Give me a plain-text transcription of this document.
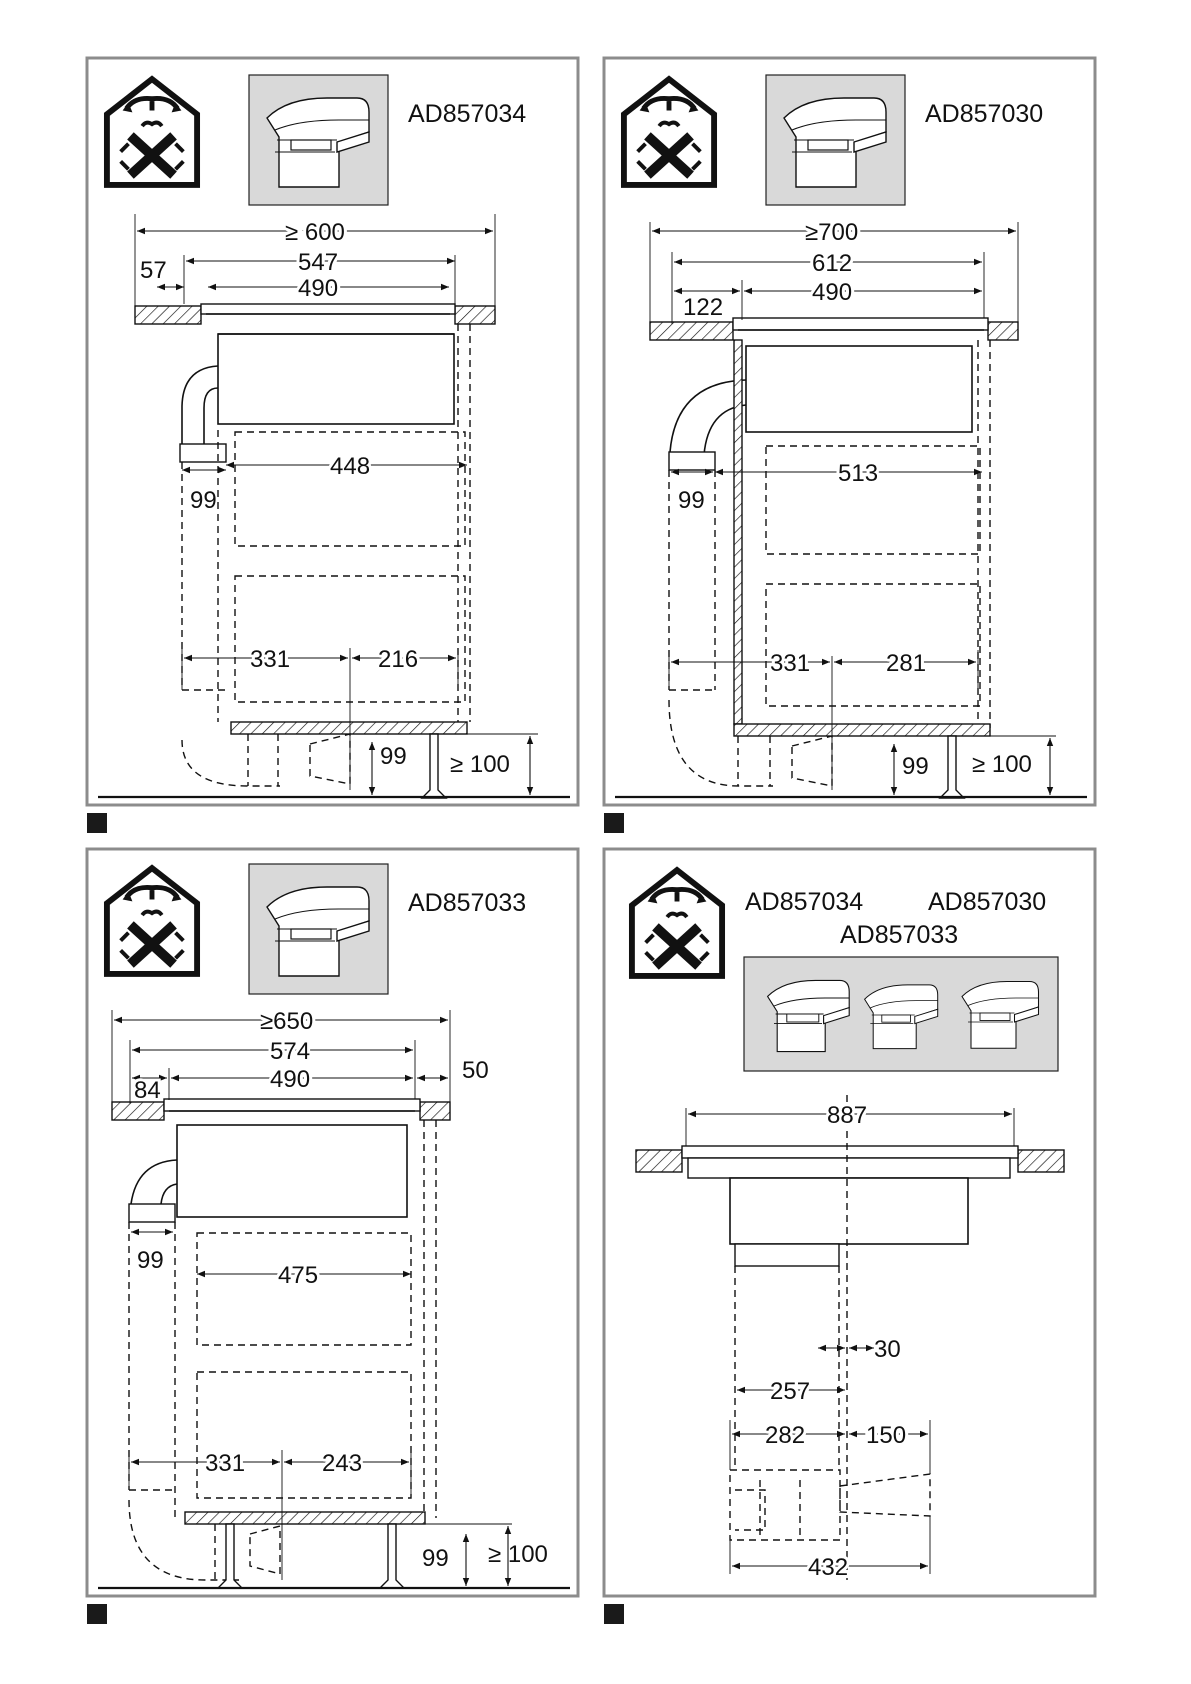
AD857034
≥ 600
547
490
57
99
448
331	216
99 ≥ 100
AD857030
≥700
612
490
122
99
513
331	281
99 ≥ 100
AD857033
≥650
574
490
84
50
99
475
331	243
99 ≥ 100
AD857034	AD857030
AD857033
887
30
257
282	150
432
